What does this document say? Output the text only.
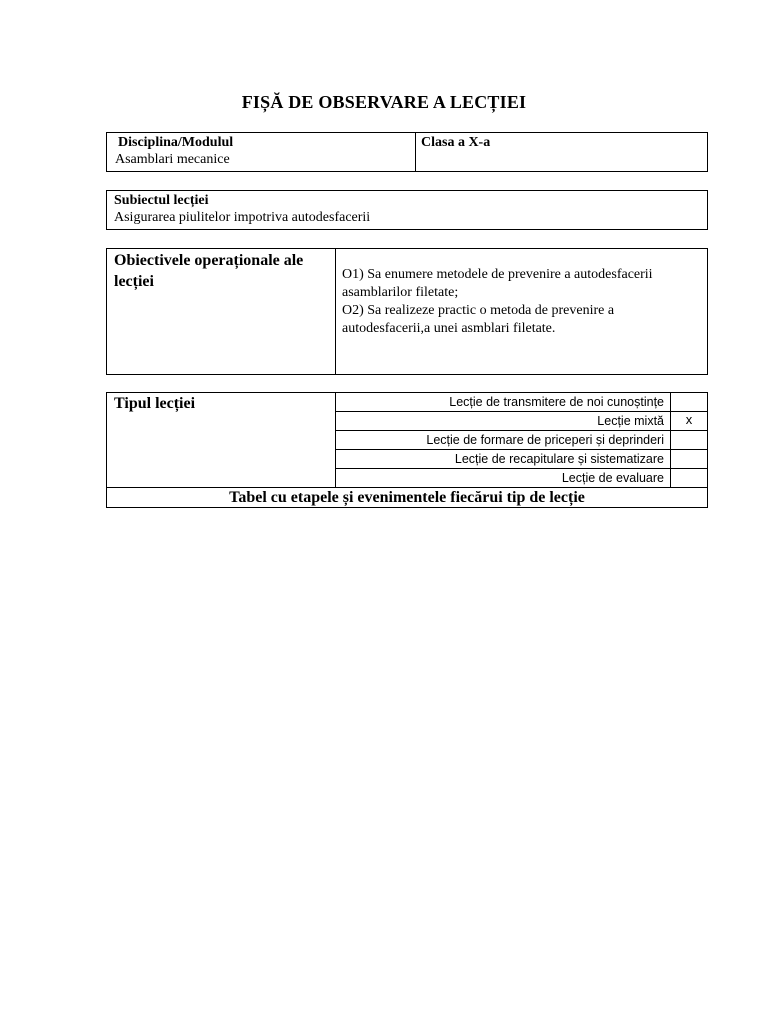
FIȘĂ DE OBSERVARE A LECȚIEI
Disciplina/Modulul
Asamblari mecanice

Clasa a X-a
Subiectul lecției
Asigurarea piulitelor impotriva autodesfacerii
Obiectivele operaționale ale lecției	O1) Sa enumere metodele de prevenire a autodesfacerii asamblarilor filetate;
O2) Sa realizeze practic o metoda de prevenire a autodesfacerii,a unei asmblari filetate.
Tipul lecției	Lecție de transmitere de noi cunoștințe	
	Lecție mixtă	x
	Lecție de formare de priceperi și deprinderi	
	Lecție de recapitulare și sistematizare	
	Lecție de evaluare	
Tabel cu etapele și evenimentele fiecărui tip de lecție		
